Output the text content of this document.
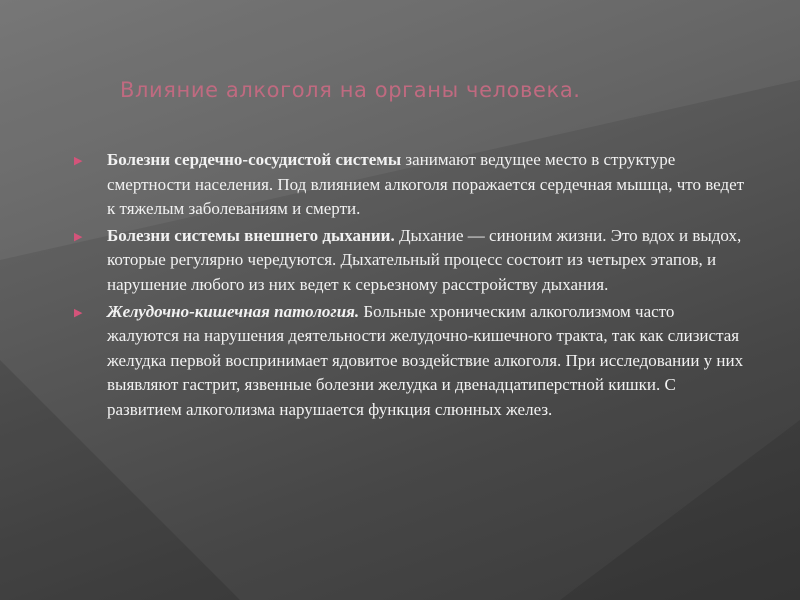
Влияние алкоголя на органы человека.
▶ Болезни сердечно-сосудистой системы занимают ведущее место в структуре смертности населения. Под влиянием алкоголя поражается сердечная мышца, что ведет к тяжелым заболеваниям и смерти.
▶ Болезни системы внешнего дыхании. Дыхание — синоним жизни. Это вдох и выдох, которые регулярно чередуются. Дыхательный процесс состоит из четырех этапов, и нарушение любого из них ведет к серьезному расстройству дыхания.
▶ Желудочно-кишечная патология. Больные хроническим алкоголизмом часто жалуются на нарушения деятельности желудочно-кишечного тракта, так как слизистая желудка первой воспринимает ядовитое воздействие алкоголя. При исследовании у них выявляют гастрит, язвенные болезни желудка и двенадцатиперстной кишки. С развитием алкоголизма нарушается функция слюнных желез.
